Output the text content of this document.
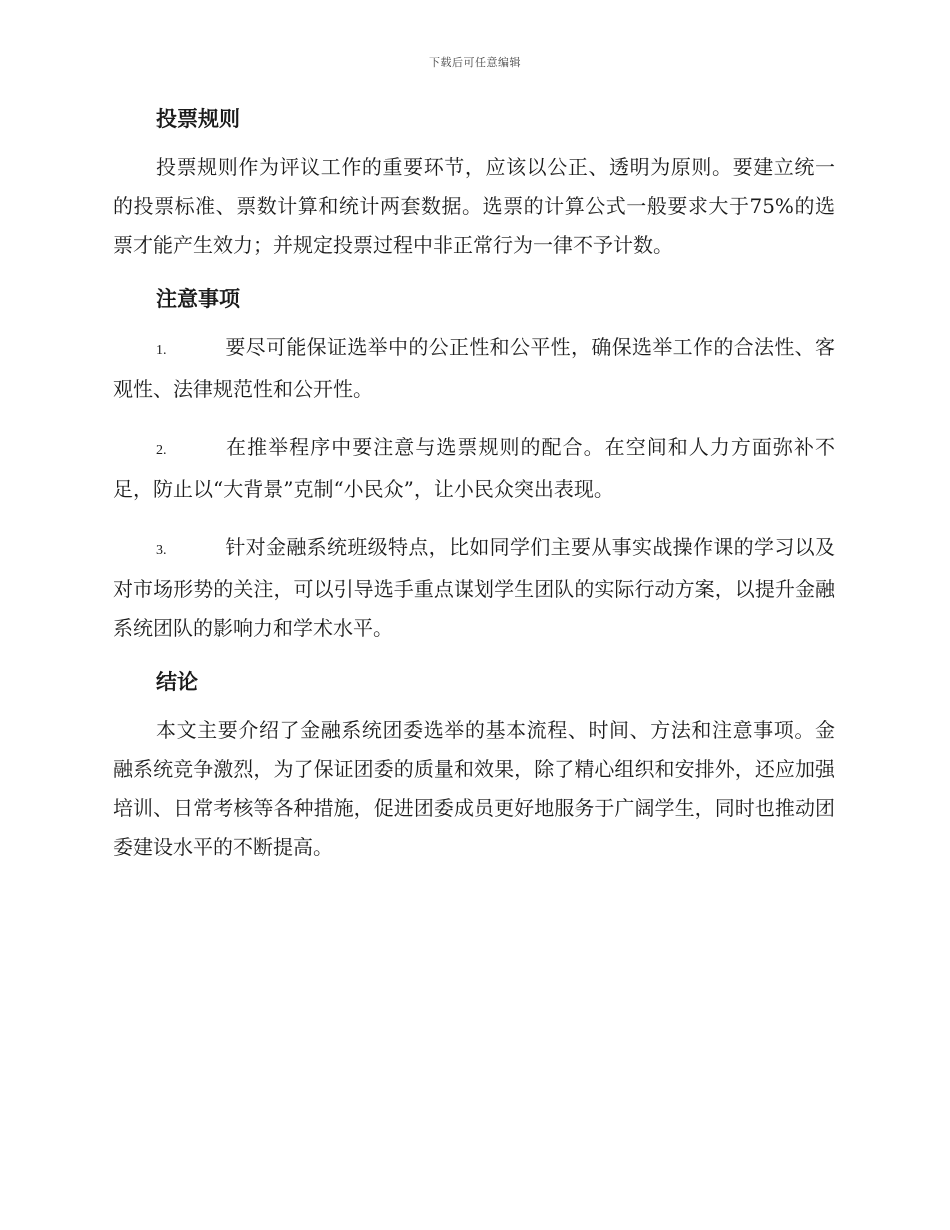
下载后可任意编辑
投票规则

投票规则作为评议工作的重要环节，应该以公正、透明为原则。要建立统一的投票标准、票数计算和统计两套数据。选票的计算公式一般要求大于75%的选票才能产生效力；并规定投票过程中非正常行为一律不予计数。

注意事项

1.	要尽可能保证选举中的公正性和公平性，确保选举工作的合法性、客观性、法律规范性和公开性。

2.	在推举程序中要注意与选票规则的配合。在空间和人力方面弥补不足，防止以“大背景”克制“小民众”，让小民众突出表现。

3.	针对金融系统班级特点，比如同学们主要从事实战操作课的学习以及对市场形势的关注，可以引导选手重点谋划学生团队的实际行动方案，以提升金融系统团队的影响力和学术水平。

结论

本文主要介绍了金融系统团委选举的基本流程、时间、方法和注意事项。金融系统竞争激烈，为了保证团委的质量和效果，除了精心组织和安排外，还应加强培训、日常考核等各种措施，促进团委成员更好地服务于广阔学生，同时也推动团委建设水平的不断提高。
